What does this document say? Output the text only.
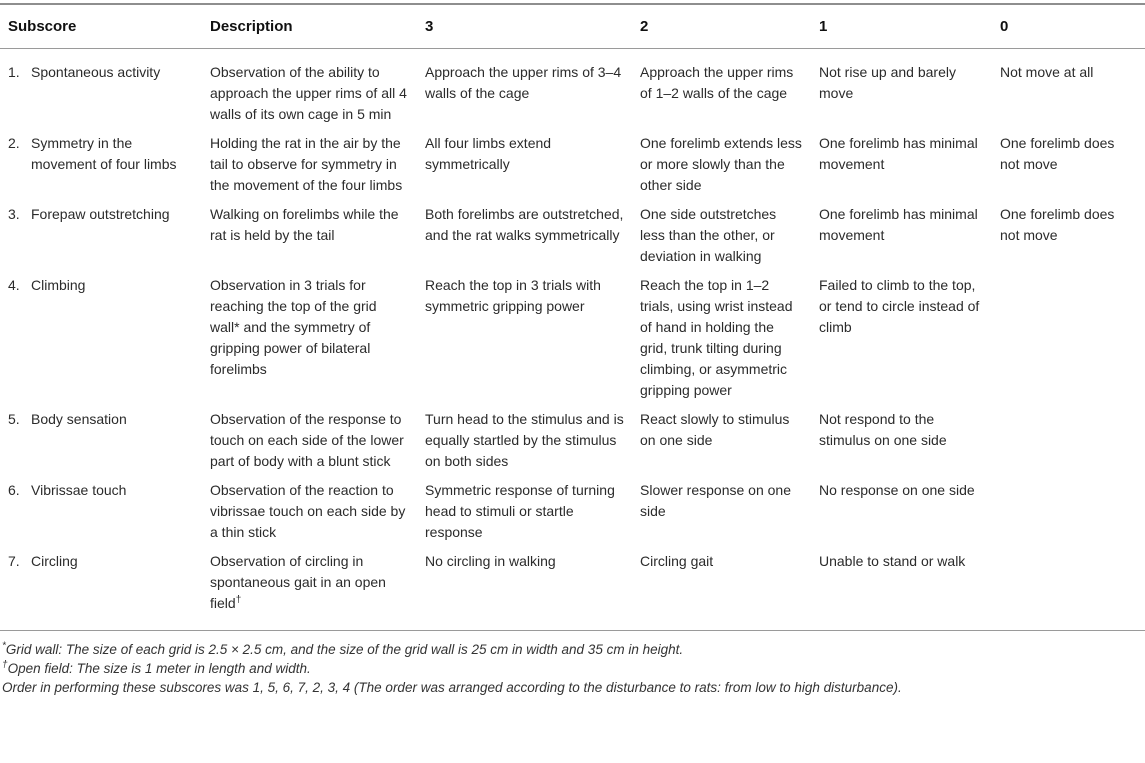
Subscore	Description	3	2	1	0

1. Spontaneous activity	Observation of the ability to approach the upper rims of all 4 walls of its own cage in 5 min	Approach the upper rims of 3–4 walls of the cage	Approach the upper rims of 1–2 walls of the cage	Not rise up and barely move	Not move at all

2. Symmetry in the movement of four limbs	Holding the rat in the air by the tail to observe for symmetry in the movement of the four limbs	All four limbs extend symmetrically	One forelimb extends less or more slowly than the other side	One forelimb has minimal movement	One forelimb does not move

3. Forepaw outstretching	Walking on forelimbs while the rat is held by the tail	Both forelimbs are outstretched, and the rat walks symmetrically	One side outstretches less than the other, or deviation in walking	One forelimb has minimal movement	One forelimb does not move

4. Climbing	Observation in 3 trials for reaching the top of the grid wall* and the symmetry of gripping power of bilateral forelimbs	Reach the top in 3 trials with symmetric gripping power	Reach the top in 1–2 trials, using wrist instead of hand in holding the grid, trunk tilting during climbing, or asymmetric gripping power	Failed to climb to the top, or tend to circle instead of climb	

5. Body sensation	Observation of the response to touch on each side of the lower part of body with a blunt stick	Turn head to the stimulus and is equally startled by the stimulus on both sides	React slowly to stimulus on one side	Not respond to the stimulus on one side	

6. Vibrissae touch	Observation of the reaction to vibrissae touch on each side by a thin stick	Symmetric response of turning head to stimuli or startle response	Slower response on one side	No response on one side	

7. Circling	Observation of circling in spontaneous gait in an open field†	No circling in walking	Circling gait	Unable to stand or walk	
*Grid wall: The size of each grid is 2.5 × 2.5 cm, and the size of the grid wall is 25 cm in width and 35 cm in height.
†Open field: The size is 1 meter in length and width.
Order in performing these subscores was 1, 5, 6, 7, 2, 3, 4 (The order was arranged according to the disturbance to rats: from low to high disturbance).
